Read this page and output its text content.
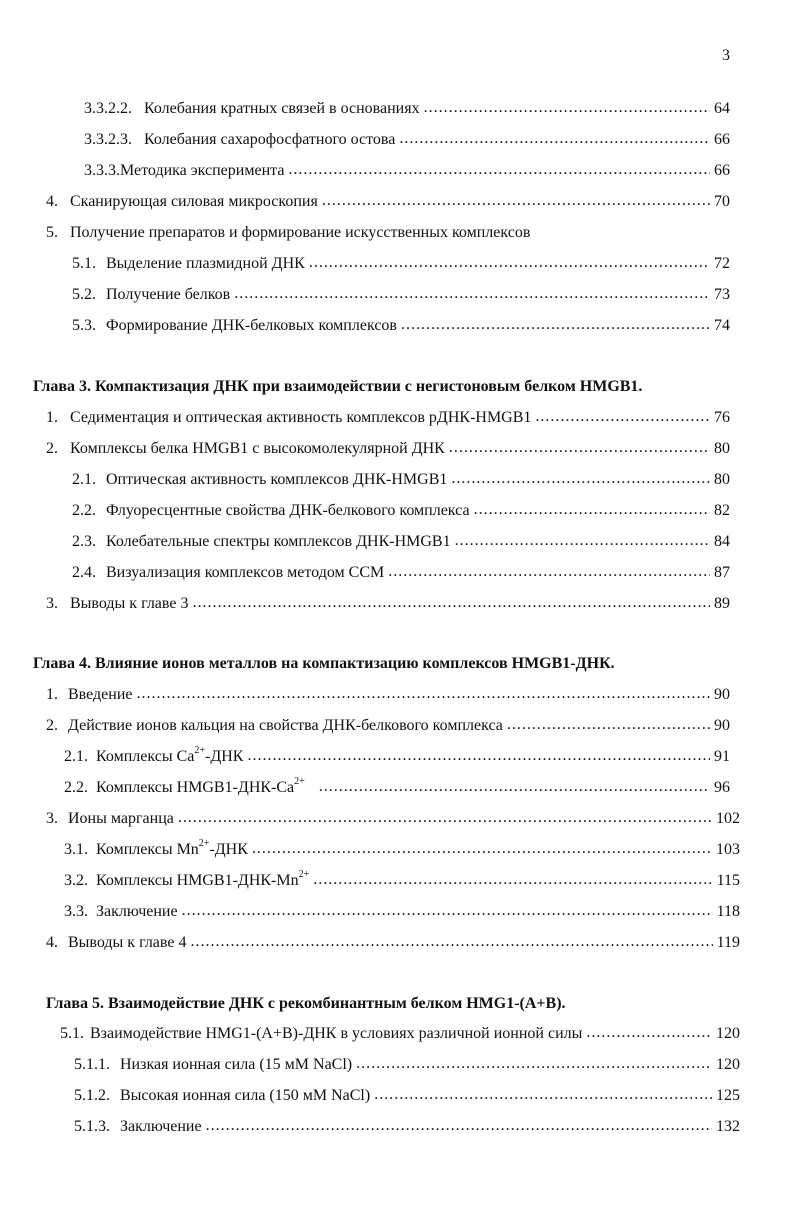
3
3.3.2.2. Колебания кратных связей в основаниях .....	64
3.3.2.3. Колебания сахарофосфатного остова .....	66
3.3.3. Методика эксперимента .....	66
4. Сканирующая силовая микроскопия .....	70
5. Получение препаратов и формирование искусственных комплексов
5.1. Выделение плазмидной ДНК .....	72
5.2. Получение белков .....	73
5.3. Формирование ДНК-белковых комплексов .....	74
Глава 3. Компактизация ДНК при взаимодействии с негистоновым белком HMGB1.
1. Седиментация и оптическая активность комплексов рДНК-HMGB1 .....	76
2. Комплексы белка HMGB1 с высокомолекулярной ДНК .....	80
2.1. Оптическая активность комплексов ДНК-HMGB1 .....	80
2.2. Флуоресцентные свойства ДНК-белкового комплекса .....	82
2.3. Колебательные спектры комплексов ДНК-HMGB1 .....	84
2.4. Визуализация комплексов методом ССМ .....	87
3. Выводы к главе 3 .....	89
Глава 4. Влияние ионов металлов на компактизацию комплексов HMGB1-ДНК.
1. Введение .....	90
2. Действие ионов кальция на свойства ДНК-белкового комплекса .....	90
2.1. Комплексы $Ca^{2+}$-ДНК .....	91
2.2. Комплексы $HMGB1-ДНК-Ca^{2+}$ .....	96
3. Ионы марганца .....	102
3.1. Комплексы $Mn^{2+}$-ДНК .....	103
3.2. Комплексы $HMGB1-ДНК-Mn^{2+}$ .....	115
3.3. Заключение .....	118
4. Выводы к главе 4 .....	119
Глава 5. Взаимодействие ДНК с рекомбинантным белком HMG1-(A+B).
5.1. Взаимодействие HMG1-(A+B)-ДНК в условиях различной ионной силы .....	120
5.1.1. Низкая ионная сила (15 мМ NaCl) .....	120
5.1.2. Высокая ионная сила (150 мМ NaCl) .....	125
5.1.3. Заключение .....	132
